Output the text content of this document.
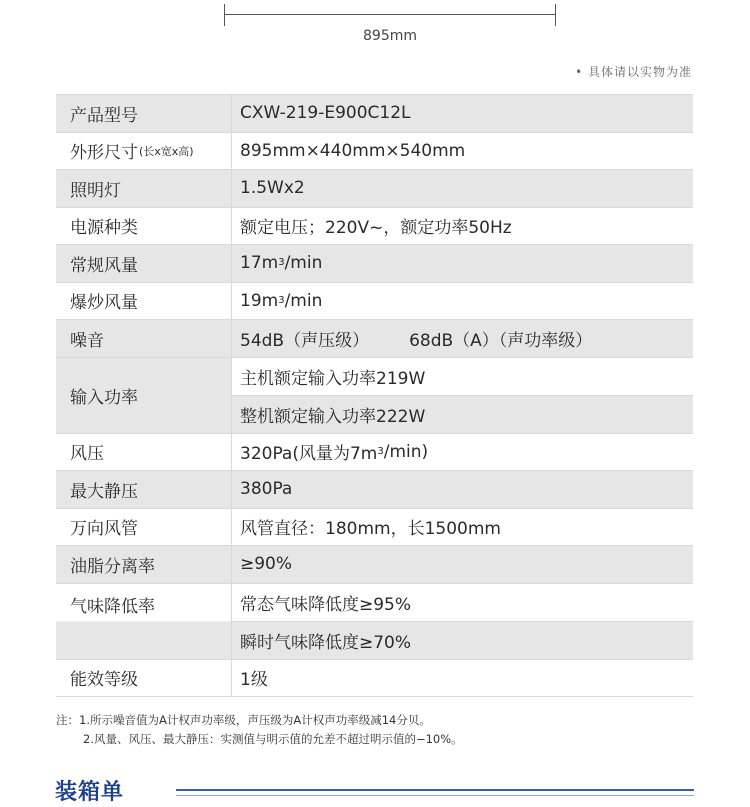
895mm
• 具体请以实物为准
产品型号	CXW-219-E900C12L
外形尺寸 (长x宽x高)	895mm×440mm×540mm
照明灯	1.5Wx2
电源种类	额定电压；220V~，额定功率50Hz
常规风量	17m 3 /min
爆炒风量	19m 3 /min
噪音	54dB（声压级） 68dB（A）（声功率级）
输入功率
主机额定输入功率219W
整机额定输入功率222W
风压	320Pa(风量为7m 3 /min)
最大静压	380Pa
万向风管	风管直径：180mm，长1500mm
油脂分离率	≥90%
气味降低率	常态气味降低度≥95%
瞬时气味降低度≥70%
能效等级	1级
注：1.所示噪音值为A计权声功率级，声压级为A计权声功率级减14分贝。
2.风量、风压、最大静压：实测值与明示值的允差不超过明示值的−10%。
装箱单
